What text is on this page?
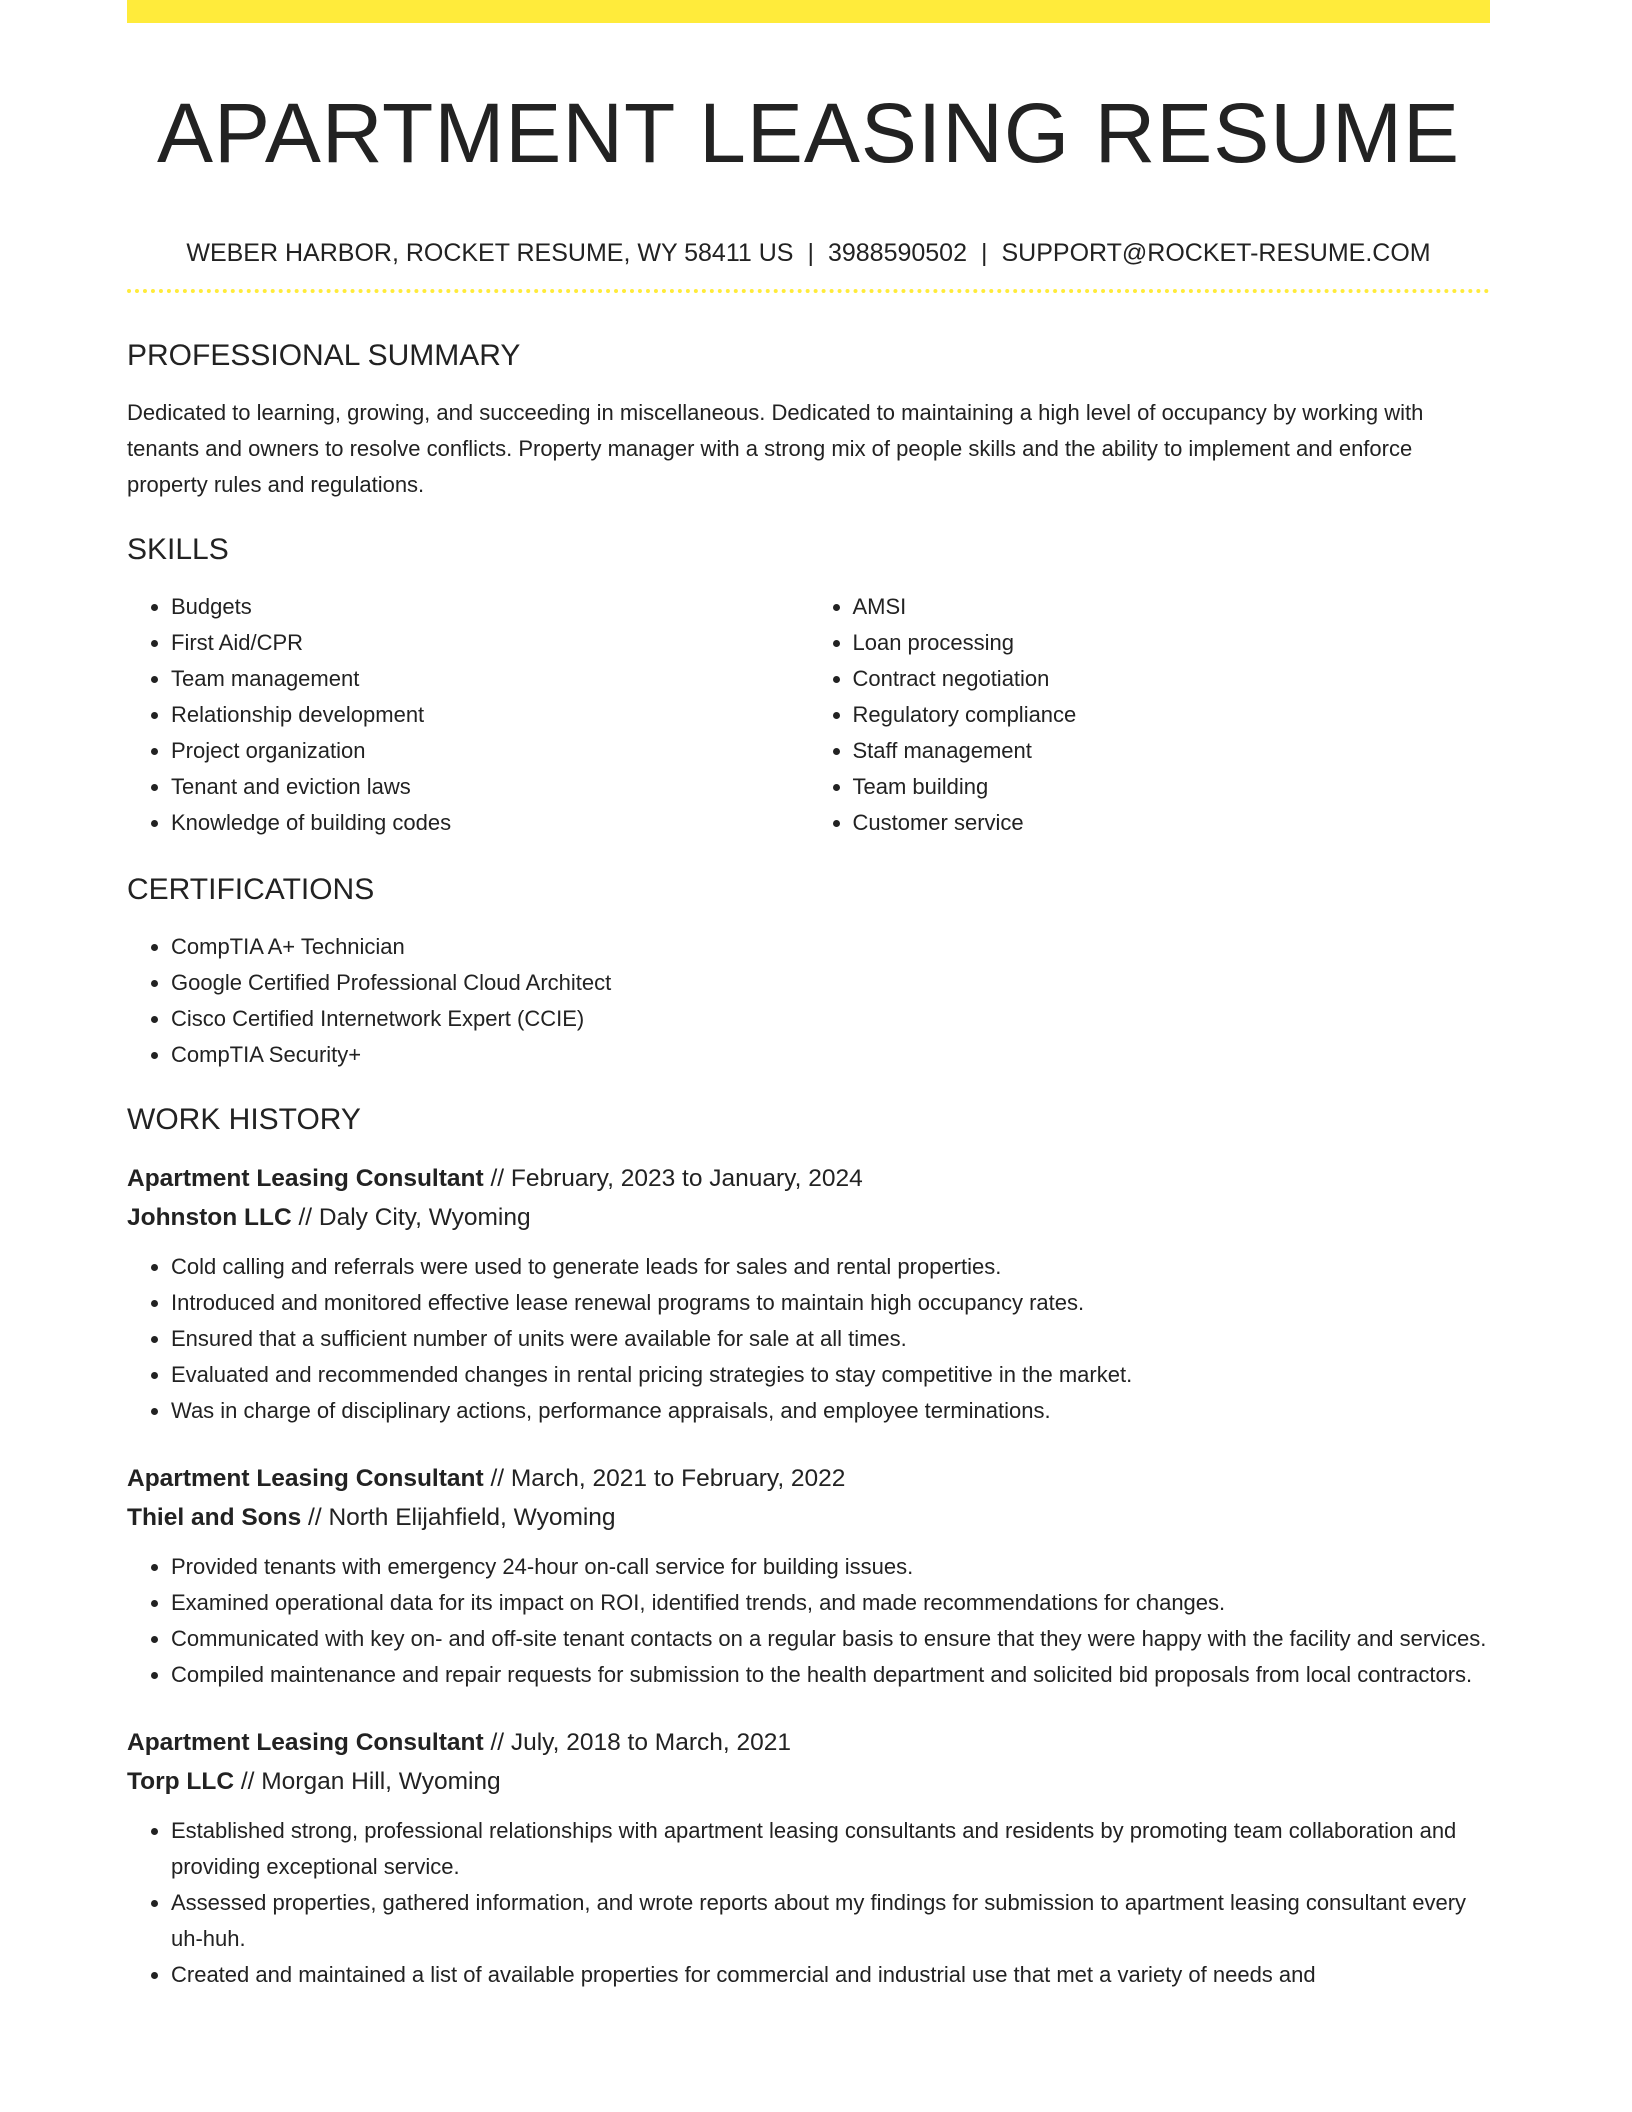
APARTMENT LEASING RESUME
WEBER HARBOR, ROCKET RESUME, WY 58411 US | 3988590502 | SUPPORT@ROCKET-RESUME.COM
PROFESSIONAL SUMMARY

Dedicated to learning, growing, and succeeding in miscellaneous. Dedicated to maintaining a high level of occupancy by working with tenants and owners to resolve conflicts. Property manager with a strong mix of people skills and the ability to implement and enforce property rules and regulations.

SKILLS
• Budgets
• First Aid/CPR
• Team management
• Relationship development
• Project organization
• Tenant and eviction laws
• Knowledge of building codes
• AMSI
• Loan processing
• Contract negotiation
• Regulatory compliance
• Staff management
• Team building
• Customer service
CERTIFICATIONS
• CompTIA A+ Technician
• Google Certified Professional Cloud Architect
• Cisco Certified Internetwork Expert (CCIE)
• CompTIA Security+
WORK HISTORY
Apartment Leasing Consultant // February, 2023 to January, 2024
Johnston LLC // Daly City, Wyoming
• Cold calling and referrals were used to generate leads for sales and rental properties.
• Introduced and monitored effective lease renewal programs to maintain high occupancy rates.
• Ensured that a sufficient number of units were available for sale at all times.
• Evaluated and recommended changes in rental pricing strategies to stay competitive in the market.
• Was in charge of disciplinary actions, performance appraisals, and employee terminations.
Apartment Leasing Consultant // March, 2021 to February, 2022
Thiel and Sons // North Elijahfield, Wyoming
• Provided tenants with emergency 24-hour on-call service for building issues.
• Examined operational data for its impact on ROI, identified trends, and made recommendations for changes.
• Communicated with key on- and off-site tenant contacts on a regular basis to ensure that they were happy with the facility and services.
• Compiled maintenance and repair requests for submission to the health department and solicited bid proposals from local contractors.
Apartment Leasing Consultant // July, 2018 to March, 2021
Torp LLC // Morgan Hill, Wyoming
• Established strong, professional relationships with apartment leasing consultants and residents by promoting team collaboration and providing exceptional service.
• Assessed properties, gathered information, and wrote reports about my findings for submission to apartment leasing consultant every uh-huh.
• Created and maintained a list of available properties for commercial and industrial use that met a variety of needs and
